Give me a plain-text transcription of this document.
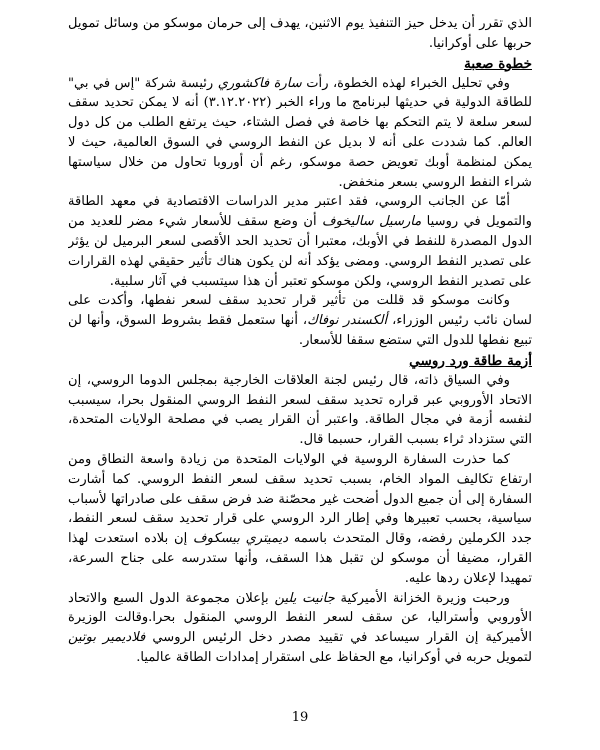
الذي تقرر أن يدخل حيز التنفيذ يوم الاثنين، يهدف إلى حرمان موسكو من وسائل تمويل حربها على أوكرانيا.

خطوة صعبة

وفي تحليل الخبراء لهذه الخطوة، رأت سارة فاكشوري رئيسة شركة "إس في بي" للطاقة الدولية في حديثها لبرنامج ما وراء الخبر (٣.١٢.٢٠٢٢) أنه لا يمكن تحديد سقف لسعر سلعة لا يتم التحكم بها خاصة في فصل الشتاء، حيث يرتفع الطلب من كل دول العالم. كما شددت على أنه لا بديل عن النفط الروسي في السوق العالمية، حيث لا يمكن لمنظمة أوبك تعويض حصة موسكو، رغم أن أوروبا تحاول من خلال سياستها شراء النفط الروسي بسعر منخفض.

أمّا عن الجانب الروسي، فقد اعتبر مدير الدراسات الاقتصادية في معهد الطاقة والتمويل في روسيا مارسيل ساليخوف أن وضع سقف للأسعار شيء مضر للعديد من الدول المصدرة للنفط في الأوبك، معتبرا أن تحديد الحد الأقصى لسعر البرميل لن يؤثر على تصدير النفط الروسي. ومضى يؤكد أنه لن يكون هناك تأثير حقيقي لهذه القرارات على تصدير النفط الروسي، ولكن موسكو تعتبر أن هذا سيتسبب في آثار سلبية.

وكانت موسكو قد قللت من تأثير قرار تحديد سقف لسعر نفطها، وأكدت على لسان نائب رئيس الوزراء، ألكسندر نوفاك، أنها ستعمل فقط بشروط السوق، وأنها لن تبيع نفطها للدول التي ستضع سقفا للأسعار.

أزمة طاقة ورد روسي

وفي السياق ذاته، قال رئيس لجنة العلاقات الخارجية بمجلس الدوما الروسي، إن الاتحاد الأوروبي عبر قراره تحديد سقف لسعر النفط الروسي المنقول بحرا، سيسبب لنفسه أزمة في مجال الطاقة. واعتبر أن القرار يصب في مصلحة الولايات المتحدة، التي ستزداد ثراء بسبب القرار، حسبما قال.

كما حذرت السفارة الروسية في الولايات المتحدة من زيادة واسعة النطاق ومن ارتفاع تكاليف المواد الخام، بسبب تحديد سقف لسعر النفط الروسي. كما أشارت السفارة إلى أن جميع الدول أضحت غير محصّنة ضد فرض سقف على صادراتها لأسباب سياسية، بحسب تعبيرها وفي إطار الرد الروسي على قرار تحديد سقف لسعر النفط، جدد الكرملين رفضه، وقال المتحدث باسمه ديميتري بيسكوف إن بلاده استعدت لهذا القرار، مضيفا أن موسكو لن تقبل هذا السقف، وأنها ستدرسه على جناح السرعة، تمهيدا لإعلان ردها عليه.

ورحبت وزيرة الخزانة الأميركية جانيت يلين بإعلان مجموعة الدول السبع والاتحاد الأوروبي وأستراليا، عن سقف لسعر النفط الروسي المنقول بحرا.وقالت الوزيرة الأميركية إن القرار سيساعد في تقييد مصدر دخل الرئيس الروسي فلاديمير بوتين لتمويل حربه في أوكرانيا، مع الحفاظ على استقرار إمدادات الطاقة عالميا.

19
